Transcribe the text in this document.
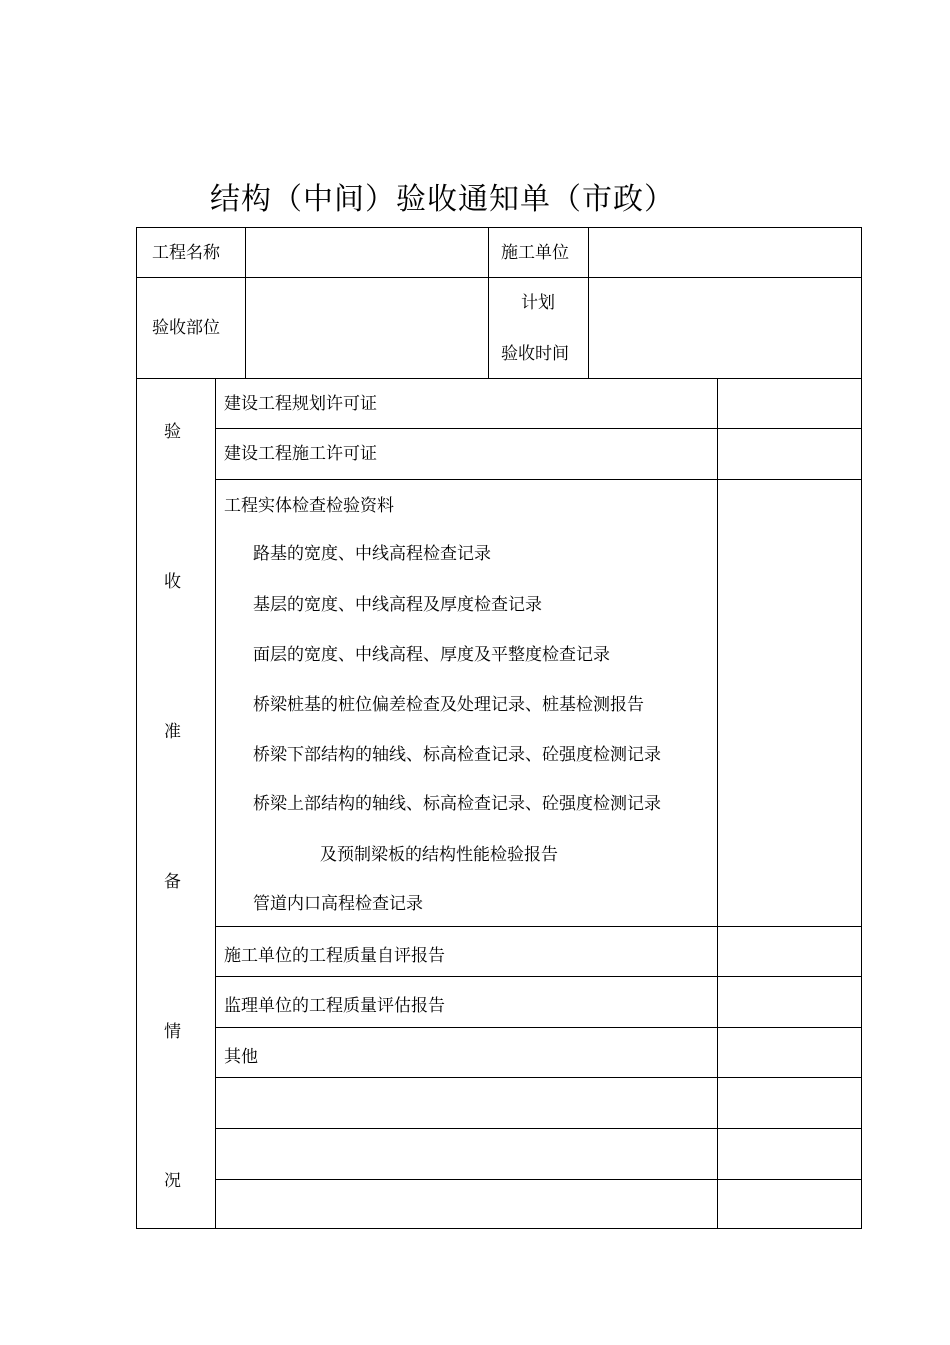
结构（中间）验收通知单（市政）
工程名称	施工单位
验收部位
计划
验收时间
验
收
准
备
情
况
建设工程规划许可证
建设工程施工许可证
工程实体检查检验资料
路基的宽度、中线高程检查记录
基层的宽度、中线高程及厚度检查记录
面层的宽度、中线高程、厚度及平整度检查记录
桥梁桩基的桩位偏差检查及处理记录、桩基检测报告
桥梁下部结构的轴线、标高检查记录、砼强度检测记录
桥梁上部结构的轴线、标高检查记录、砼强度检测记录
及预制梁板的结构性能检验报告
管道内口高程检查记录
施工单位的工程质量自评报告
监理单位的工程质量评估报告
其他
